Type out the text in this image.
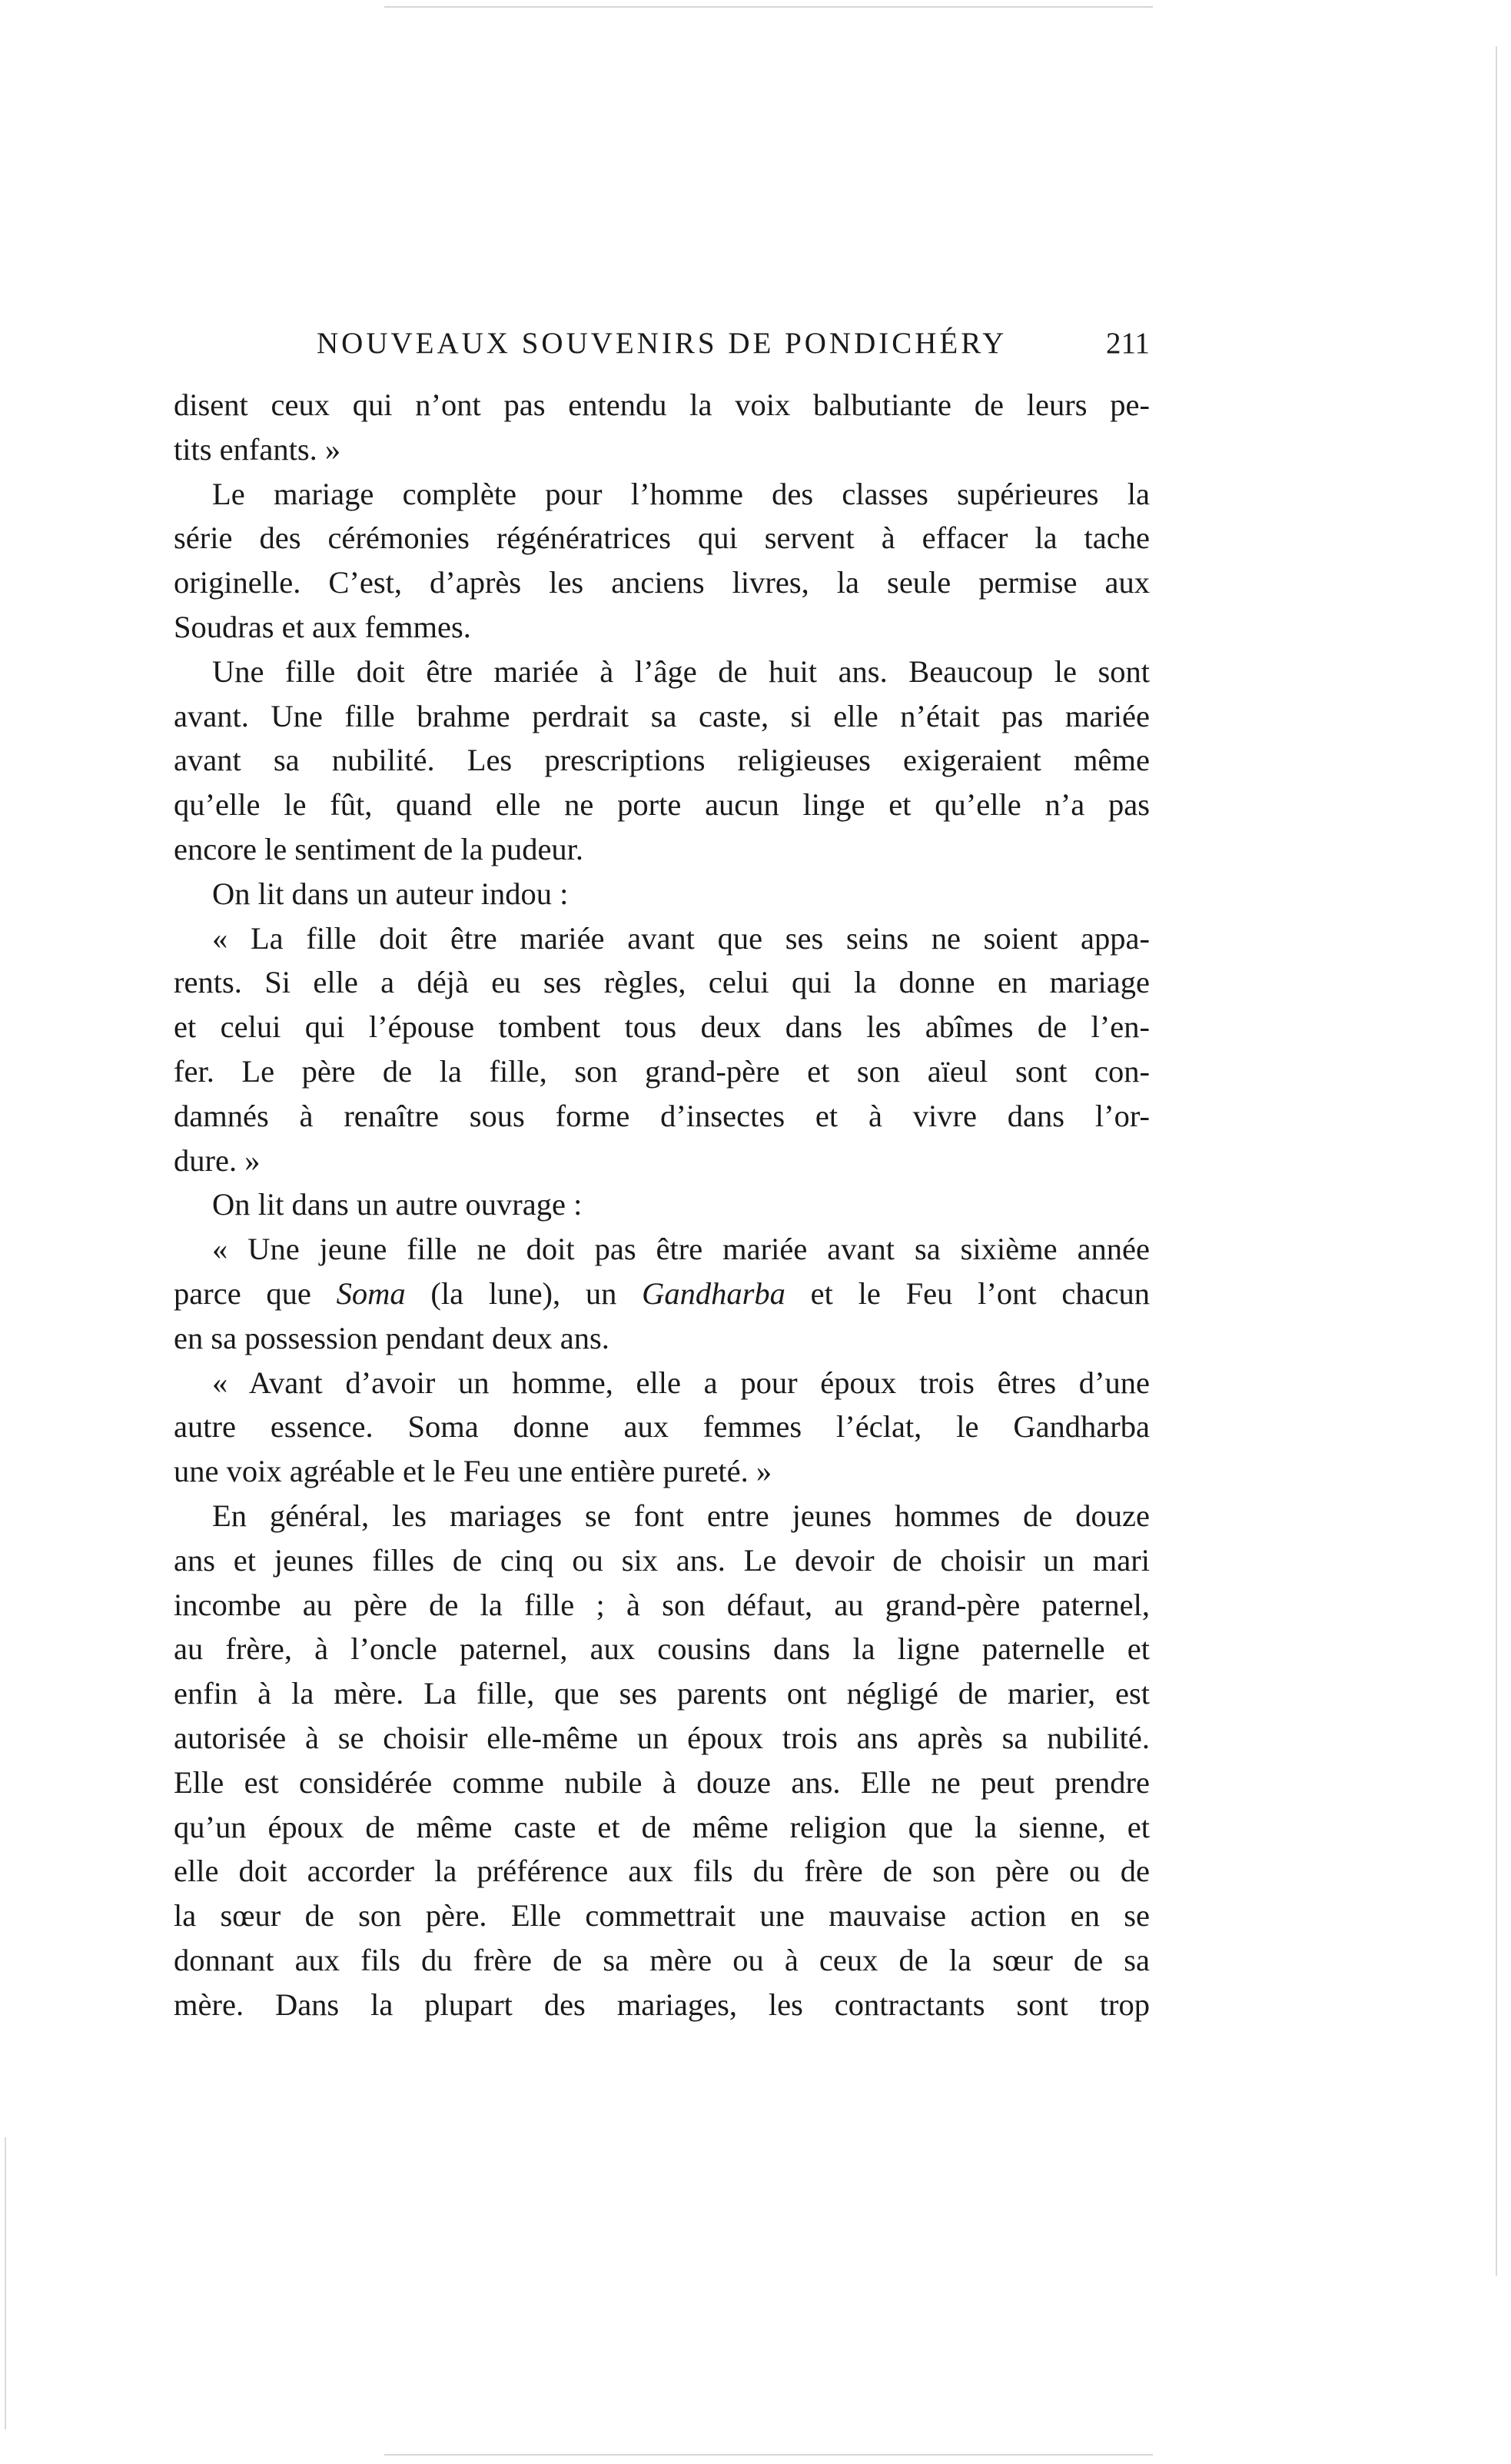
NOUVEAUX SOUVENIRS DE PONDICHÉRY	211

disent ceux qui n’ont pas entendu la voix balbutiante de leurs pe-
tits enfants. »

Le mariage complète pour l’homme des classes supérieures la
série des cérémonies régénératrices qui servent à effacer la tache
originelle. C’est, d’après les anciens livres, la seule permise aux
Soudras et aux femmes.

Une fille doit être mariée à l’âge de huit ans. Beaucoup le sont
avant. Une fille brahme perdrait sa caste, si elle n’était pas mariée
avant sa nubilité. Les prescriptions religieuses exigeraient même
qu’elle le fût, quand elle ne porte aucun linge et qu’elle n’a pas
encore le sentiment de la pudeur.

On lit dans un auteur indou :

« La fille doit être mariée avant que ses seins ne soient appa-
rents. Si elle a déjà eu ses règles, celui qui la donne en mariage
et celui qui l’épouse tombent tous deux dans les abîmes de l’en-
fer. Le père de la fille, son grand-père et son aïeul sont con-
damnés à renaître sous forme d’insectes et à vivre dans l’or-
dure. »

On lit dans un autre ouvrage :

« Une jeune fille ne doit pas être mariée avant sa sixième année
parce que Soma (la lune), un Gandharba et le Feu l’ont chacun
en sa possession pendant deux ans.

« Avant d’avoir un homme, elle a pour époux trois êtres d’une
autre essence. Soma donne aux femmes l’éclat, le Gandharba
une voix agréable et le Feu une entière pureté. »

En général, les mariages se font entre jeunes hommes de douze
ans et jeunes filles de cinq ou six ans. Le devoir de choisir un mari
incombe au père de la fille ; à son défaut, au grand-père paternel,
au frère, à l’oncle paternel, aux cousins dans la ligne paternelle et
enfin à la mère. La fille, que ses parents ont négligé de marier, est
autorisée à se choisir elle-même un époux trois ans après sa nubilité.
Elle est considérée comme nubile à douze ans. Elle ne peut prendre
qu’un époux de même caste et de même religion que la sienne, et
elle doit accorder la préférence aux fils du frère de son père ou de
la sœur de son père. Elle commettrait une mauvaise action en se
donnant aux fils du frère de sa mère ou à ceux de la sœur de sa
mère. Dans la plupart des mariages, les contractants sont trop
